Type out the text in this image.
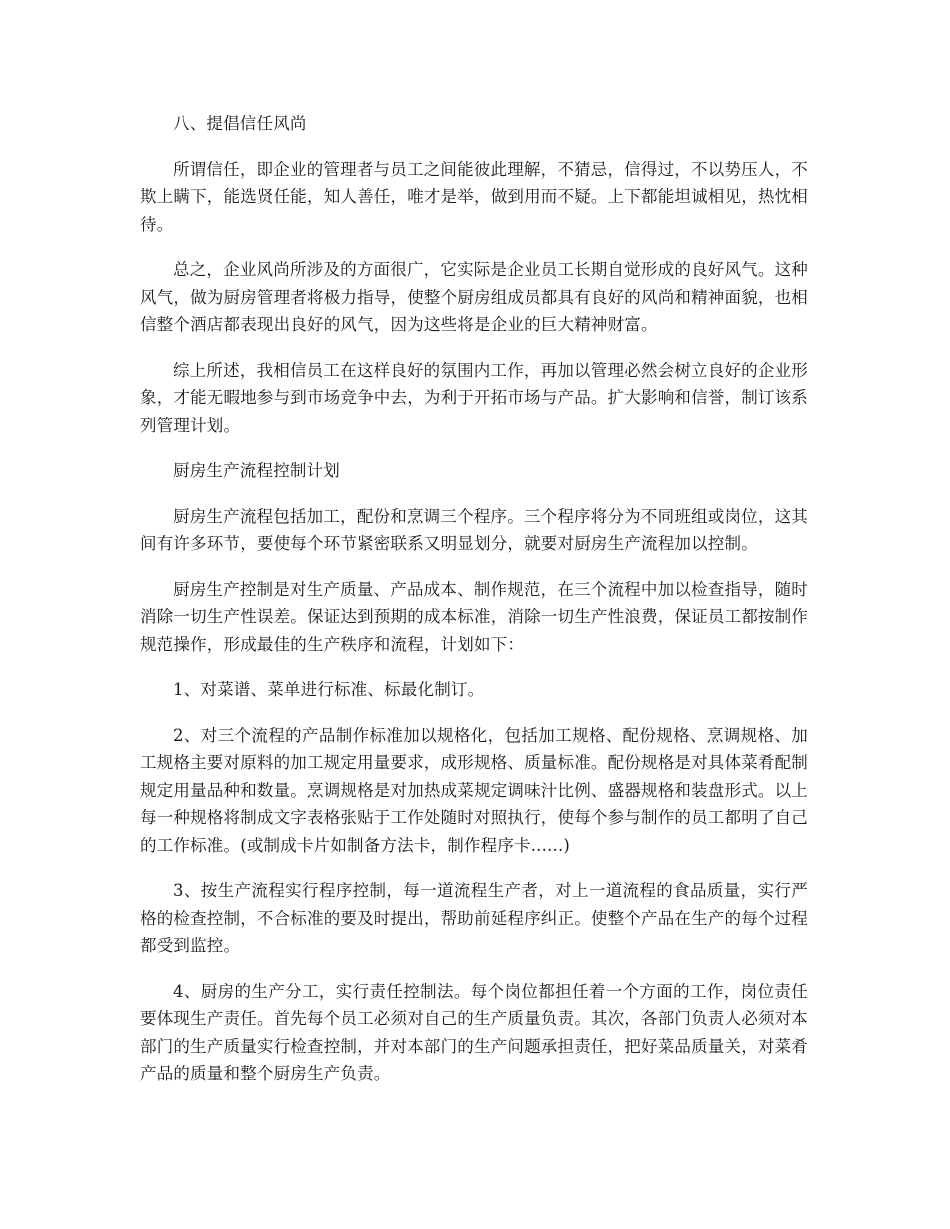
八、提倡信任风尚

所谓信任，即企业的管理者与员工之间能彼此理解，不猜忌，信得过，不以势压人，不欺上瞒下，能选贤任能，知人善任，唯才是举，做到用而不疑。上下都能坦诚相见，热忱相待。

总之，企业风尚所涉及的方面很广，它实际是企业员工长期自觉形成的良好风气。这种风气，做为厨房管理者将极力指导，使整个厨房组成员都具有良好的风尚和精神面貌，也相信整个酒店都表现出良好的风气，因为这些将是企业的巨大精神财富。

综上所述，我相信员工在这样良好的氛围内工作，再加以管理必然会树立良好的企业形象，才能无暇地参与到市场竞争中去，为利于开拓市场与产品。扩大影响和信誉，制订该系列管理计划。

厨房生产流程控制计划

厨房生产流程包括加工，配份和烹调三个程序。三个程序将分为不同班组或岗位，这其间有许多环节，要使每个环节紧密联系又明显划分，就要对厨房生产流程加以控制。

厨房生产控制是对生产质量、产品成本、制作规范，在三个流程中加以检查指导，随时消除一切生产性误差。保证达到预期的成本标准，消除一切生产性浪费，保证员工都按制作规范操作，形成最佳的生产秩序和流程，计划如下：

1、对菜谱、菜单进行标准、标最化制订。

2、对三个流程的产品制作标准加以规格化，包括加工规格、配份规格、烹调规格、加工规格主要对原料的加工规定用量要求，成形规格、质量标准。配份规格是对具体菜肴配制规定用量品种和数量。烹调规格是对加热成菜规定调味汁比例、盛器规格和装盘形式。以上每一种规格将制成文字表格张贴于工作处随时对照执行，使每个参与制作的员工都明了自己的工作标准。(或制成卡片如制备方法卡，制作程序卡......)

3、按生产流程实行程序控制，每一道流程生产者，对上一道流程的食品质量，实行严格的检查控制，不合标准的要及时提出，帮助前延程序纠正。使整个产品在生产的每个过程都受到监控。

4、厨房的生产分工，实行责任控制法。每个岗位都担任着一个方面的工作，岗位责任要体现生产责任。首先每个员工必须对自己的生产质量负责。其次，各部门负责人必须对本部门的生产质量实行检查控制，并对本部门的生产问题承担责任，把好菜品质量关，对菜肴产品的质量和整个厨房生产负责。
